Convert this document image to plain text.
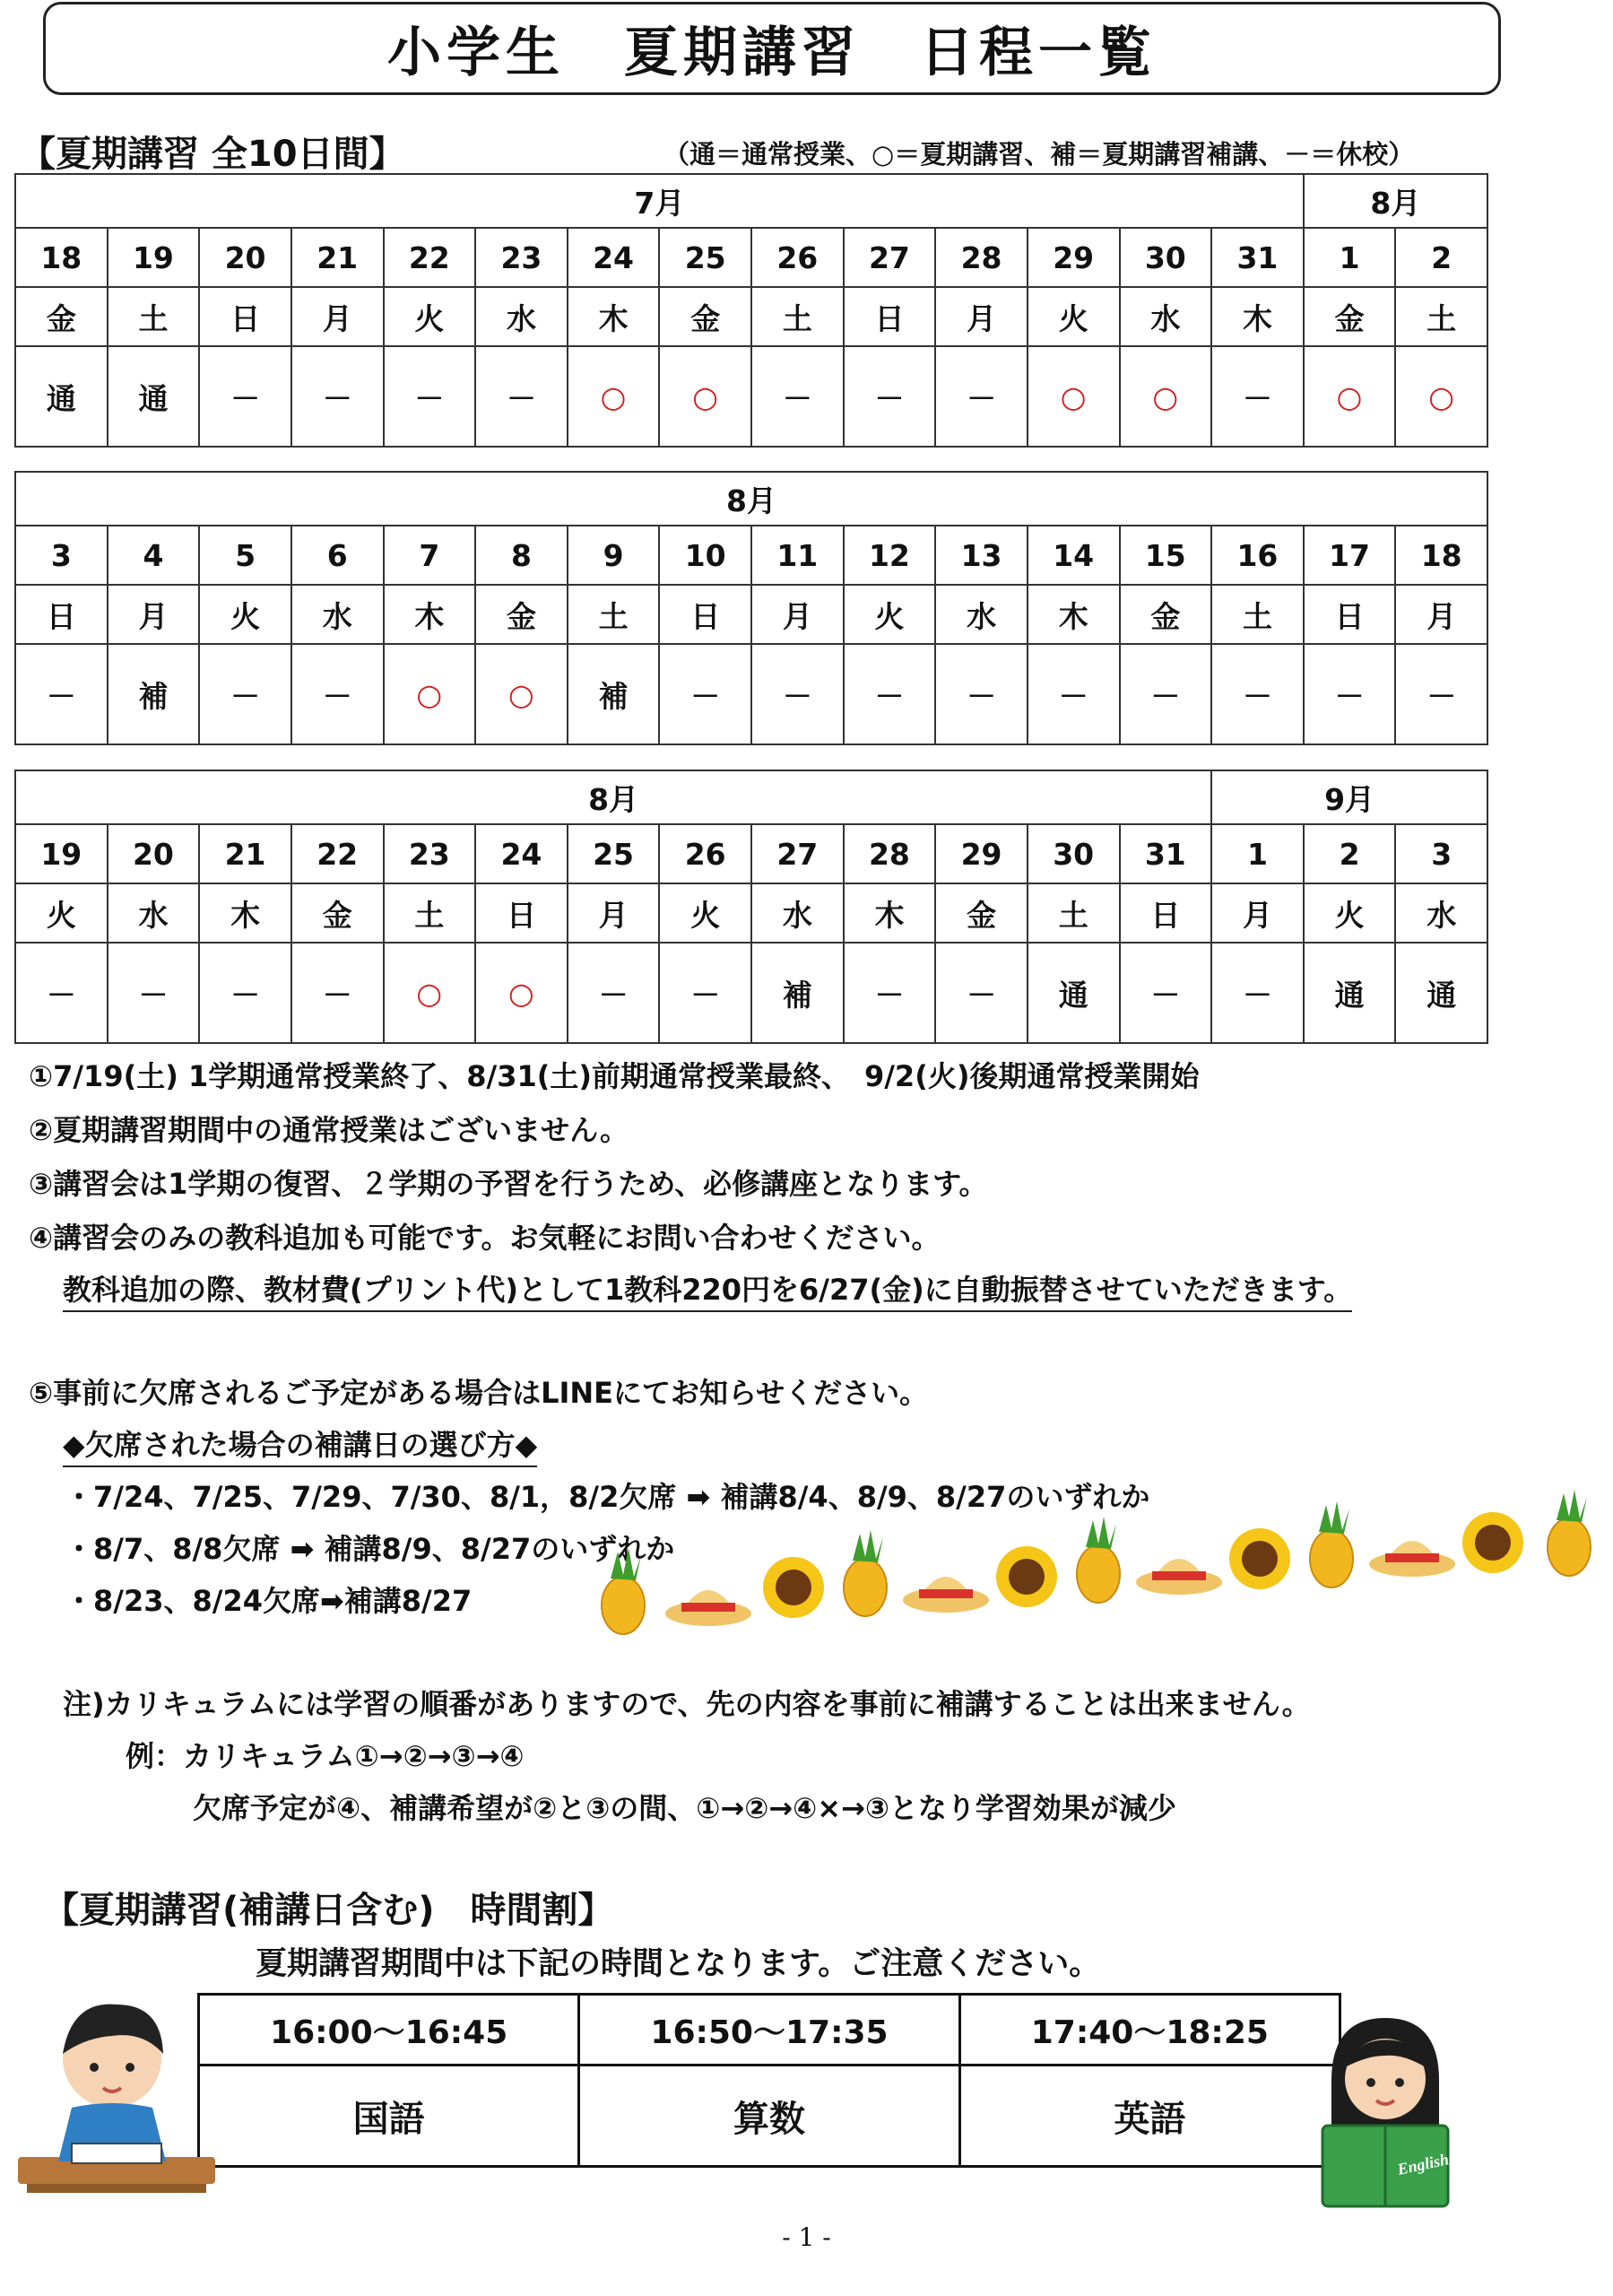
小学生　夏期講習　日程一覧
【夏期講習 全10日間】	（通＝通常授業、○＝夏期講習、補＝夏期講習補講、－＝休校）
7月														8月	
18	19	20	21	22	23	24	25	26	27	28	29	30	31	1	2
金	土	日	月	火	水	木	金	土	日	月	火	水	木	金	土
通	通	－	－	－	－	○	○	－	－	－	○	○	－	○	○
8月															
3	4	5	6	7	8	9	10	11	12	13	14	15	16	17	18
日	月	火	水	木	金	土	日	月	火	水	木	金	土	日	月
－	補	－	－	○	○	補	－	－	－	－	－	－	－	－	－
8月													9月		
19	20	21	22	23	24	25	26	27	28	29	30	31	1	2	3
火	水	木	金	土	日	月	火	水	木	金	土	日	月	火	水
－	－	－	－	○	○	－	－	補	－	－	通	－	－	通	通
①7/19(土) 1学期通常授業終了、8/31(土)前期通常授業最終、　9/2(火)後期通常授業開始
②夏期講習期間中の通常授業はございません。
③講習会は1学期の復習、２学期の予習を行うため、必修講座となります。
④講習会のみの教科追加も可能です。お気軽にお問い合わせください。
教科追加の際、教材費(プリント代)として1教科220円を6/27(金)に自動振替させていただきます。
⑤事前に欠席されるご予定がある場合はLINEにてお知らせください。
◆欠席された場合の補講日の選び方◆
・7/24、7/25、7/29、7/30、8/1，8/2欠席 ➡ 補講8/4、8/9、8/27のいずれか
・8/7、8/8欠席 ➡ 補講8/9、8/27のいずれか
・8/23、8/24欠席➡補講8/27
注)カリキュラムには学習の順番がありますので、先の内容を事前に補講することは出来ません。
例：カリキュラム①→②→③→④
欠席予定が④、補講希望が②と③の間、①→②→④×→③となり学習効果が減少
【夏期講習(補講日含む)　時間割】
夏期講習期間中は下記の時間となります。ご注意ください。
16:00～16:45	16:50～17:35	17:40～18:25
国語	算数	英語
English
- 1 -
